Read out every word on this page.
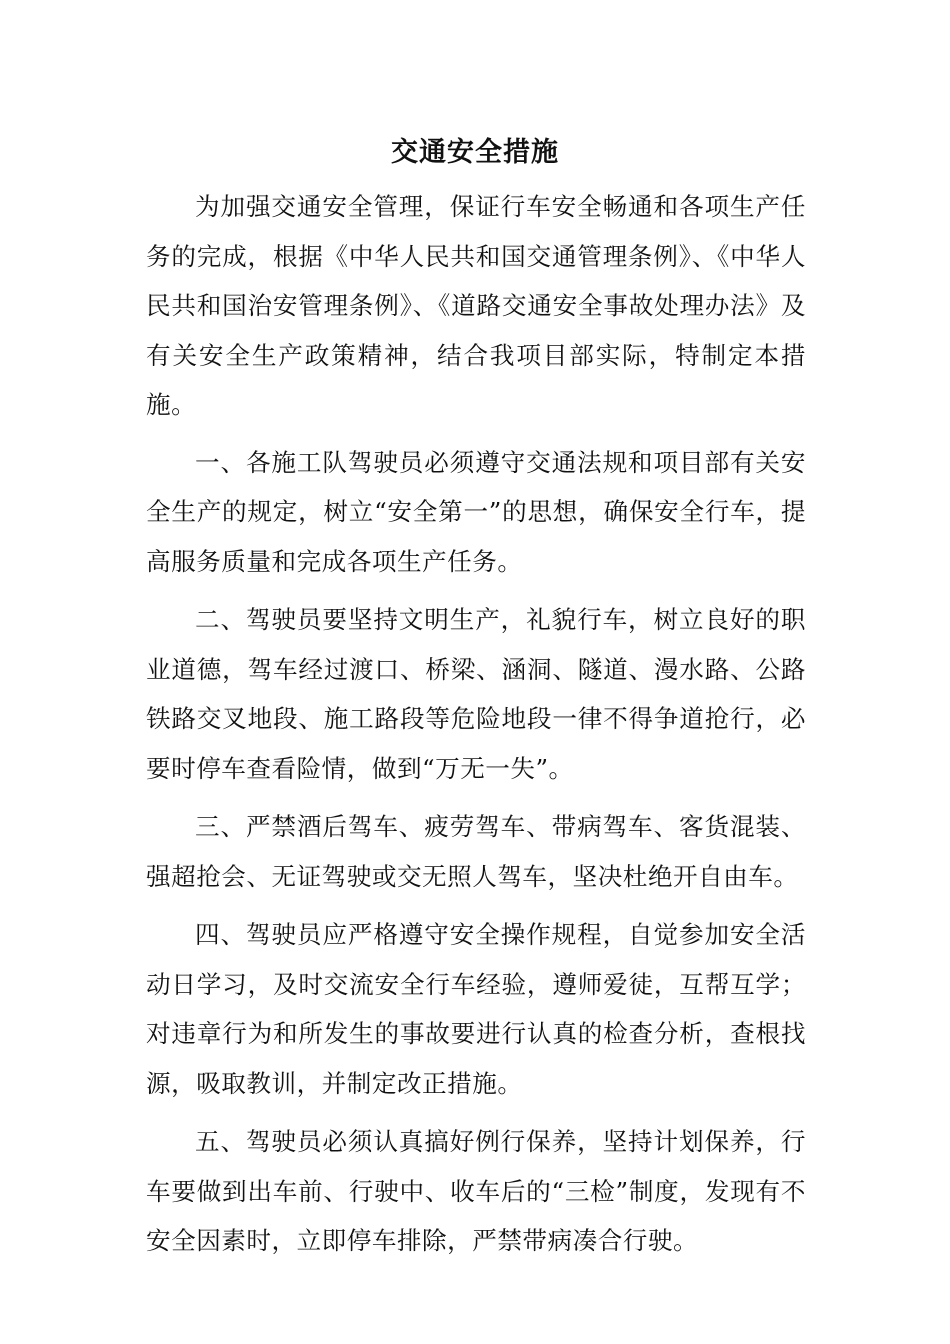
交通安全措施

为加强交通安全管理，保证行车安全畅通和各项生产任务的完成，根据《中华人民共和国交通管理条例》、《中华人民共和国治安管理条例》、《道路交通安全事故处理办法》及有关安全生产政策精神，结合我项目部实际，特制定本措施。

一、各施工队驾驶员必须遵守交通法规和项目部有关安全生产的规定，树立“安全第一”的思想，确保安全行车，提高服务质量和完成各项生产任务。

二、驾驶员要坚持文明生产，礼貌行车，树立良好的职业道德，驾车经过渡口、桥梁、涵洞、隧道、漫水路、公路铁路交叉地段、施工路段等危险地段一律不得争道抢行，必要时停车查看险情，做到“万无一失”。

三、严禁酒后驾车、疲劳驾车、带病驾车、客货混装、强超抢会、无证驾驶或交无照人驾车，坚决杜绝开自由车。

四、驾驶员应严格遵守安全操作规程，自觉参加安全活动日学习，及时交流安全行车经验，遵师爱徒，互帮互学；对违章行为和所发生的事故要进行认真的检查分析，查根找源，吸取教训，并制定改正措施。

五、驾驶员必须认真搞好例行保养，坚持计划保养，行车要做到出车前、行驶中、收车后的“三检”制度，发现有不安全因素时，立即停车排除，严禁带病凑合行驶。
